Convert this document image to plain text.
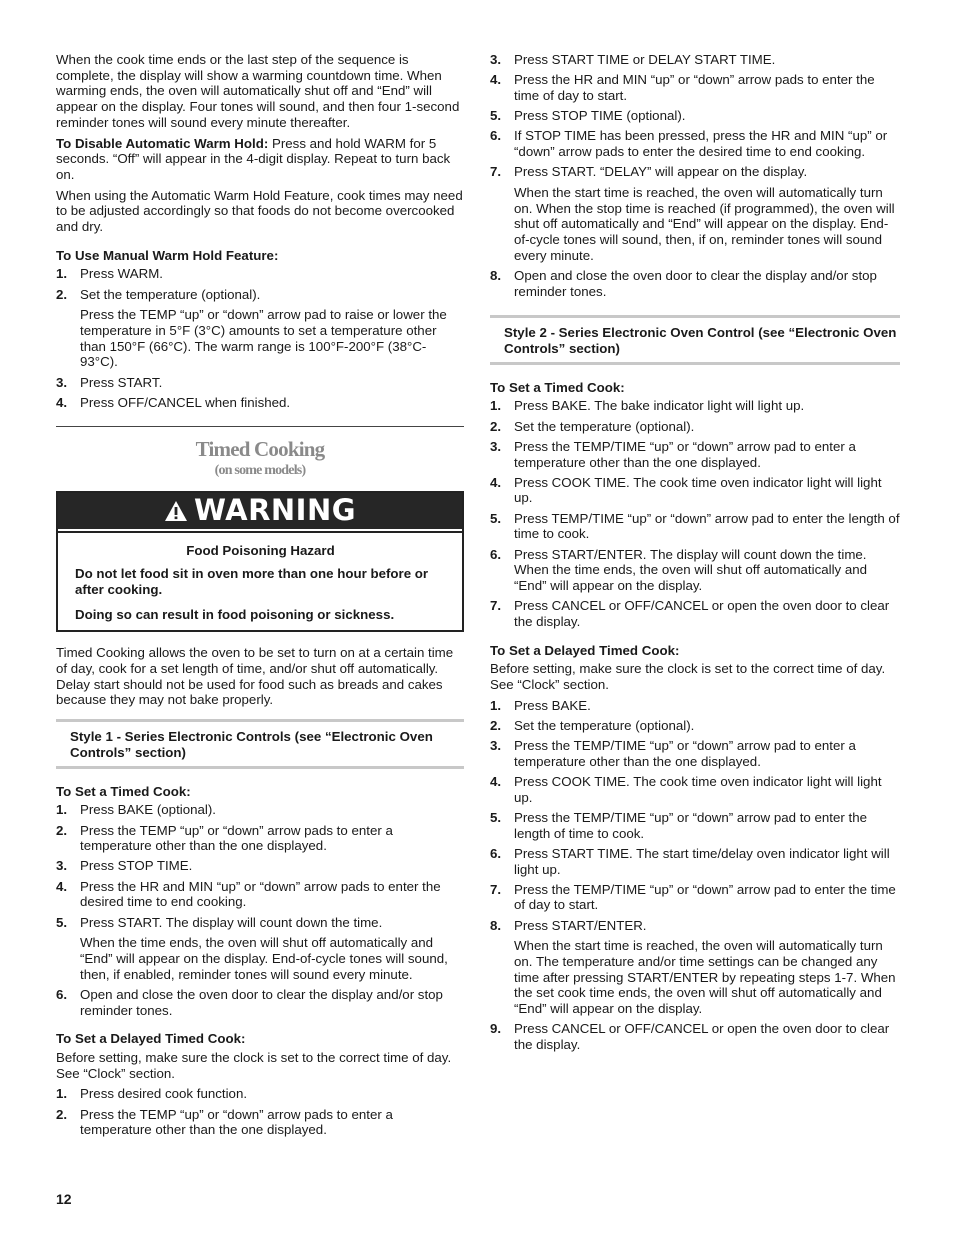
When the cook time ends or the last step of the sequence is complete, the display will show a warming countdown time. When warming ends, the oven will automatically shut off and “End” will appear on the display. Four tones will sound, and then four 1-second reminder tones will sound every minute thereafter.

To Disable Automatic Warm Hold: Press and hold WARM for 5 seconds. “Off” will appear in the 4-digit display. Repeat to turn back on.

When using the Automatic Warm Hold Feature, cook times may need to be adjusted accordingly so that foods do not become overcooked and dry.

To Use Manual Warm Hold Feature:

1. Press WARM.
2. Set the temperature (optional).
Press the TEMP “up” or “down” arrow pad to raise or lower the temperature in 5°F (3°C) amounts to set a temperature other than 150°F (66°C). The warm range is 100°F-200°F (38°C-93°C).
3. Press START.
4. Press OFF/CANCEL when finished.
Timed Cooking
(on some models)
WARNING

Food Poisoning Hazard

Do not let food sit in oven more than one hour before or after cooking.

Doing so can result in food poisoning or sickness.

Timed Cooking allows the oven to be set to turn on at a certain time of day, cook for a set length of time, and/or shut off automatically. Delay start should not be used for food such as breads and cakes because they may not bake properly.

Style 1 - Series Electronic Controls (see “Electronic Oven Controls” section)

To Set a Timed Cook:

1. Press BAKE (optional).
2. Press the TEMP “up” or “down” arrow pads to enter a temperature other than the one displayed.
3. Press STOP TIME.
4. Press the HR and MIN “up” or “down” arrow pads to enter the desired time to end cooking.
5. Press START. The display will count down the time.
When the time ends, the oven will shut off automatically and “End” will appear on the display. End-of-cycle tones will sound, then, if enabled, reminder tones will sound every minute.
6. Open and close the oven door to clear the display and/or stop reminder tones.

To Set a Delayed Timed Cook:

Before setting, make sure the clock is set to the correct time of day. See “Clock” section.

1. Press desired cook function.
2. Press the TEMP “up” or “down” arrow pads to enter a temperature other than the one displayed.
3. Press START TIME or DELAY START TIME.
4. Press the HR and MIN “up” or “down” arrow pads to enter the time of day to start.
5. Press STOP TIME (optional).
6. If STOP TIME has been pressed, press the HR and MIN “up” or “down” arrow pads to enter the desired time to end cooking.
7. Press START. “DELAY” will appear on the display.
When the start time is reached, the oven will automatically turn on. When the stop time is reached (if programmed), the oven will shut off automatically and “End” will appear on the display. End-of-cycle tones will sound, then, if on, reminder tones will sound every minute.
8. Open and close the oven door to clear the display and/or stop reminder tones.
Style 2 - Series Electronic Oven Control (see “Electronic Oven Controls” section)

To Set a Timed Cook:

1. Press BAKE. The bake indicator light will light up.
2. Set the temperature (optional).
3. Press the TEMP/TIME “up” or “down” arrow pad to enter a temperature other than the one displayed.
4. Press COOK TIME. The cook time oven indicator light will light up.
5. Press TEMP/TIME “up” or “down” arrow pad to enter the length of time to cook.
6. Press START/ENTER. The display will count down the time. When the time ends, the oven will shut off automatically and “End” will appear on the display.
7. Press CANCEL or OFF/CANCEL or open the oven door to clear the display.

To Set a Delayed Timed Cook:

Before setting, make sure the clock is set to the correct time of day. See “Clock” section.

1. Press BAKE.
2. Set the temperature (optional).
3. Press the TEMP/TIME “up” or “down” arrow pad to enter a temperature other than the one displayed.
4. Press COOK TIME. The cook time oven indicator light will light up.
5. Press the TEMP/TIME “up” or “down” arrow pad to enter the length of time to cook.
6. Press START TIME. The start time/delay oven indicator light will light up.
7. Press the TEMP/TIME “up” or “down” arrow pad to enter the time of day to start.
8. Press START/ENTER.
When the start time is reached, the oven will automatically turn on. The temperature and/or time settings can be changed any time after pressing START/ENTER by repeating steps 1-7. When the set cook time ends, the oven will shut off automatically and “End” will appear on the display.
9. Press CANCEL or OFF/CANCEL or open the oven door to clear the display.
12
